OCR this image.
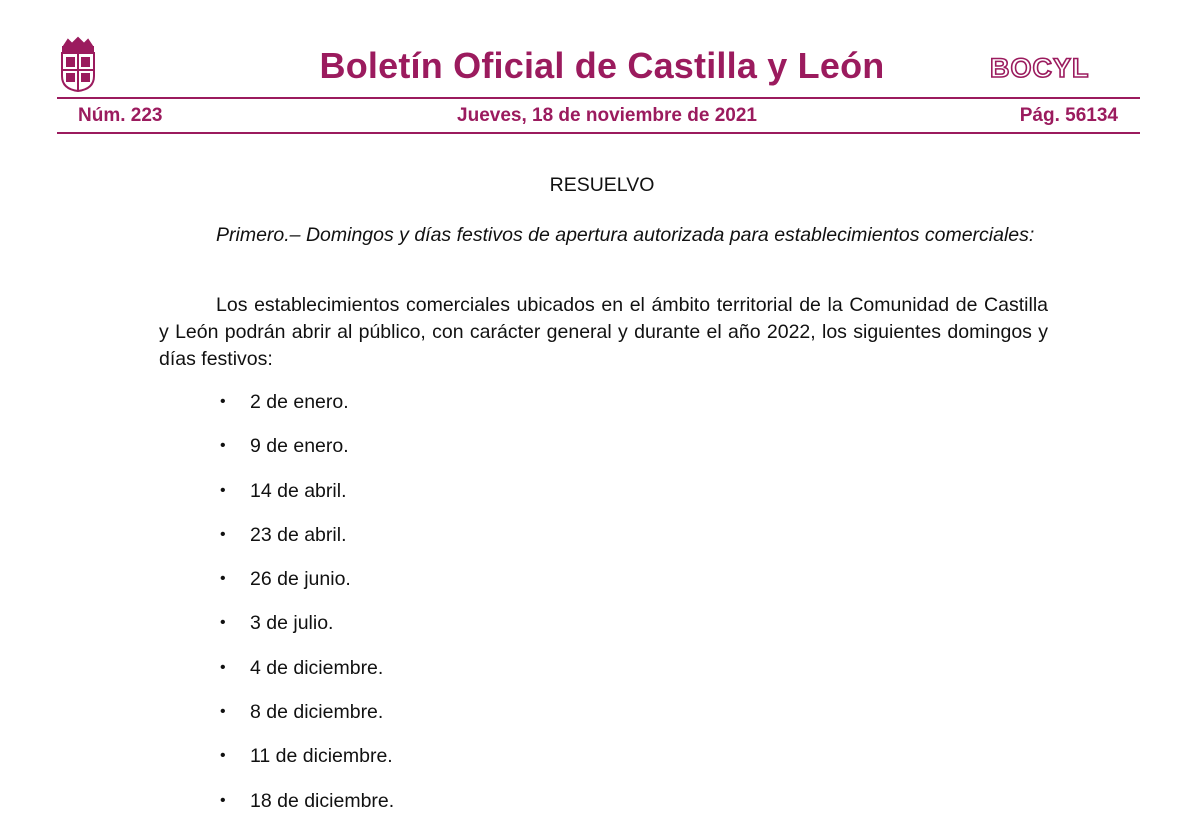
Boletín Oficial de Castilla y León	BOCYL
Núm. 223	Jueves, 18 de noviembre de 2021	Pág. 56134
RESUELVO

Primero.– Domingos y días festivos de apertura autorizada para establecimientos comerciales:

Los establecimientos comerciales ubicados en el ámbito territorial de la Comunidad de Castilla y León podrán abrir al público, con carácter general y durante el año 2022, los siguientes domingos y días festivos:

•	2 de enero.
•	9 de enero.
•	14 de abril.
•	23 de abril.
•	26 de junio.
•	3 de julio.
•	4 de diciembre.
•	8 de diciembre.
•	11 de diciembre.
•	18 de diciembre.
